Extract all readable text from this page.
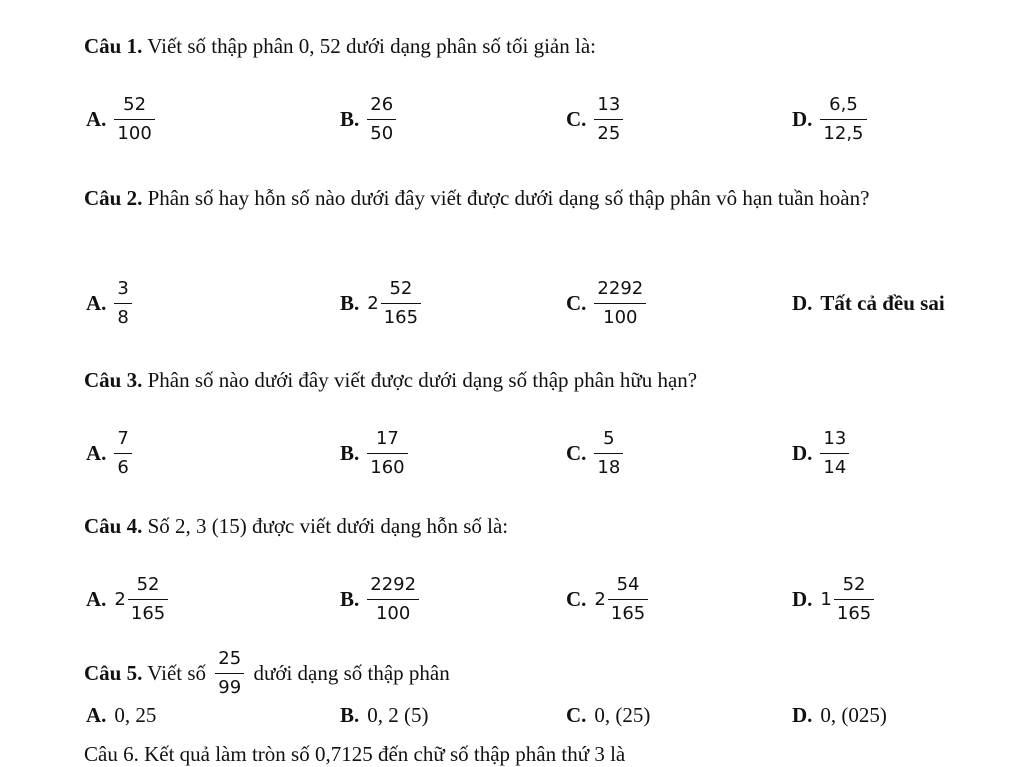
Câu 1. Viết số thập phân 0, 52 dưới dạng phân số tối giản là:
A. $\frac{52}{100}$	B. $\frac{26}{50}$	C. $\frac{13}{25}$	D. $\frac{6,5}{12,5}$
Câu 2. Phân số hay hỗn số nào dưới đây viết được dưới dạng số thập phân vô hạn tuần hoàn?
A. $\frac{3}{8}$	B. $2 \frac{52}{165}$	C. $\frac{2292}{100}$	D. Tất cả đều sai
Câu 3. Phân số nào dưới đây viết được dưới dạng số thập phân hữu hạn?
A. $\frac{7}{6}$	B. $\frac{17}{160}$	C. $\frac{5}{18}$	D. $\frac{13}{14}$
Câu 4. Số 2, 3 (15) được viết dưới dạng hỗn số là:
A. $2 \frac{52}{165}$	B. $\frac{2292}{100}$	C. $2 \frac{54}{165}$	D. $1 \frac{52}{165}$
Câu 5. Viết số $\frac{25}{99}$ dưới dạng số thập phân
A. 0, 25	B. 0, 2 (5)	C. 0, (25)	D. 0, (025)
Câu 6. Kết quả làm tròn số 0,7125 đến chữ số thập phân thứ 3 là
